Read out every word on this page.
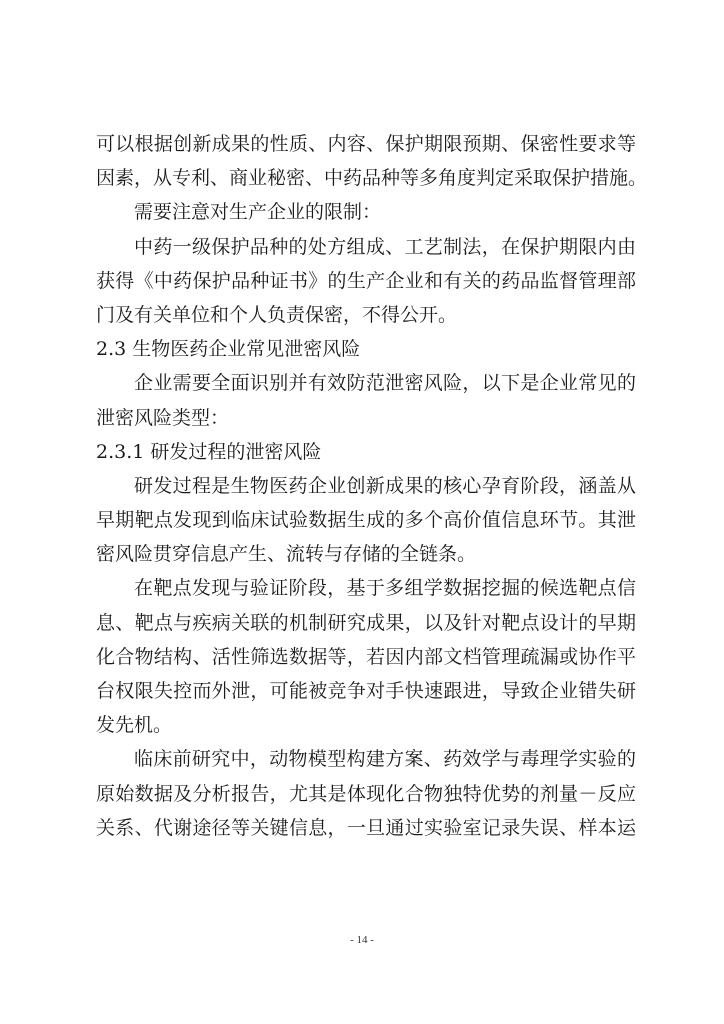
可以根据创新成果的性质、内容、保护期限预期、保密性要求等
因素，从专利、商业秘密、中药品种等多角度判定采取保护措施。
需要注意对生产企业的限制：
中药一级保护品种的处方组成、工艺制法，在保护期限内由
获得《中药保护品种证书》的生产企业和有关的药品监督管理部
门及有关单位和个人负责保密，不得公开。
2.3 生物医药企业常见泄密风险
企业需要全面识别并有效防范泄密风险，以下是企业常见的
泄密风险类型：
2.3.1 研发过程的泄密风险
研发过程是生物医药企业创新成果的核心孕育阶段，涵盖从
早期靶点发现到临床试验数据生成的多个高价值信息环节。其泄
密风险贯穿信息产生、流转与存储的全链条。
在靶点发现与验证阶段，基于多组学数据挖掘的候选靶点信
息、靶点与疾病关联的机制研究成果，以及针对靶点设计的早期
化合物结构、活性筛选数据等，若因内部文档管理疏漏或协作平
台权限失控而外泄，可能被竞争对手快速跟进，导致企业错失研
发先机。
临床前研究中，动物模型构建方案、药效学与毒理学实验的
原始数据及分析报告，尤其是体现化合物独特优势的剂量－反应
关系、代谢途径等关键信息，一旦通过实验室记录失误、样本运
- 14 -
